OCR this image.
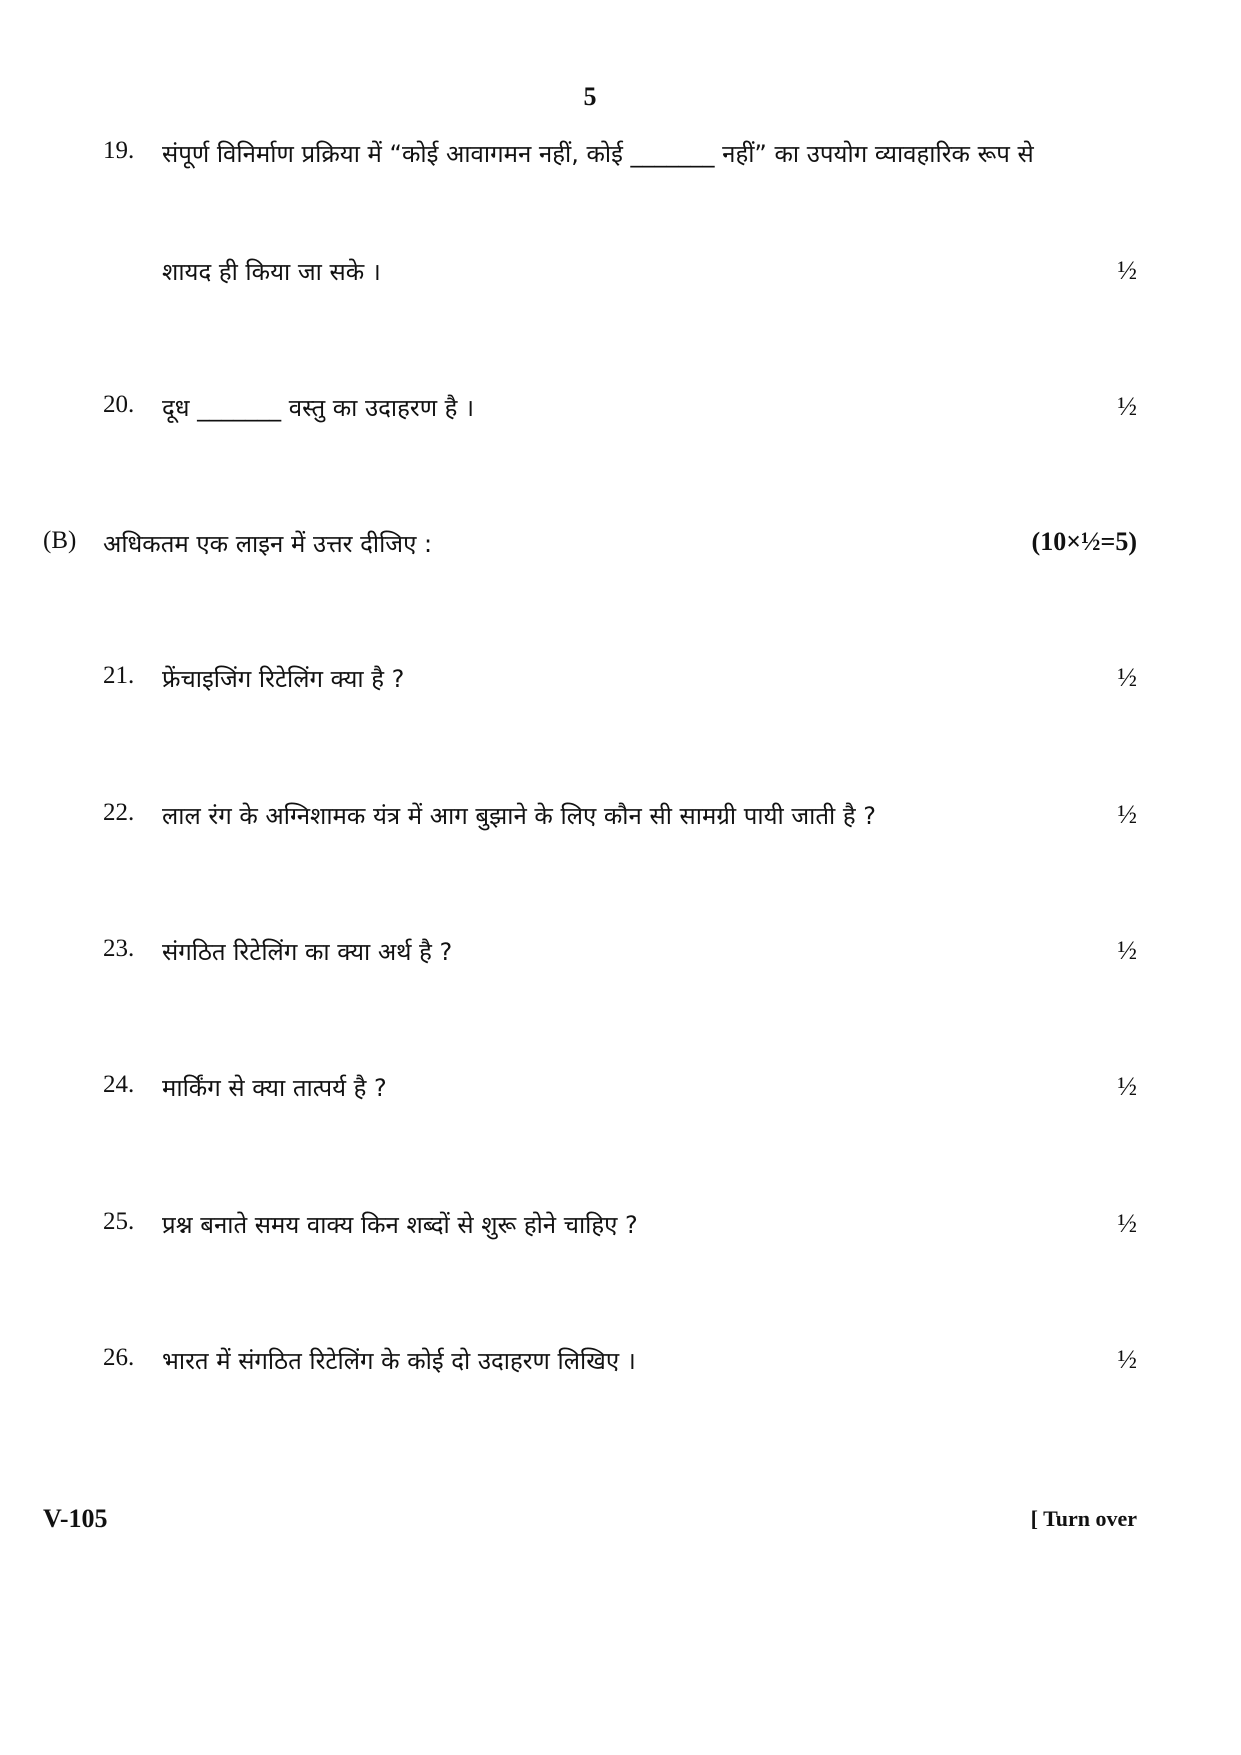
5
19. संपूर्ण विनिर्माण प्रक्रिया में “कोई आवागमन नहीं, कोई _______ नहीं” का उपयोग व्यावहारिक रूप से
शायद ही किया जा सके ।	½
20. दूध _______ वस्तु का उदाहरण है ।	½
(B) अधिकतम एक लाइन में उत्तर दीजिए :	(10×½=5)
21. फ्रेंचाइजिंग रिटेलिंग क्या है ?	½
22. लाल रंग के अग्निशामक यंत्र में आग बुझाने के लिए कौन सी सामग्री पायी जाती है ?	½
23. संगठित रिटेलिंग का क्या अर्थ है ?	½
24. मार्किंग से क्या तात्पर्य है ?	½
25. प्रश्न बनाते समय वाक्य किन शब्दों से शुरू होने चाहिए ?	½
26. भारत में संगठित रिटेलिंग के कोई दो उदाहरण लिखिए ।	½
V-105	[ Turn over
